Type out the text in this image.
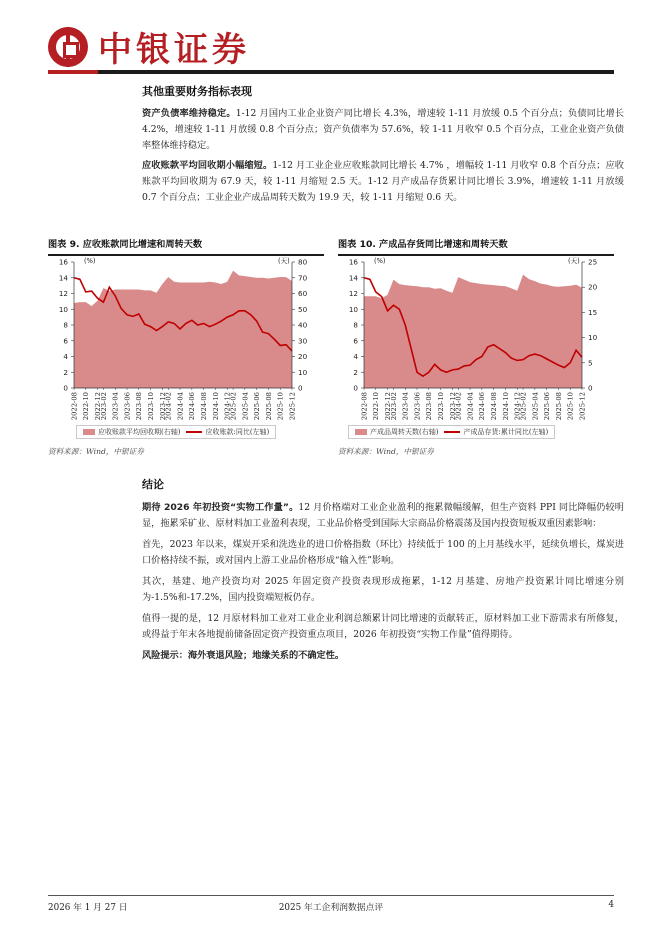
中银证券
其他重要财务指标表现

资产负债率维持稳定。1-12 月国内工业企业资产同比增长 4.3%，增速较 1-11 月放缓 0.5 个百分点；负债同比增长 4.2%，增速较 1-11 月放缓 0.8 个百分点；资产负债率为 57.6%，较 1-11 月收窄 0.5 个百分点，工业企业资产负债率整体维持稳定。

应收账款平均回收期小幅缩短。1-12 月工业企业应收账款同比增长 4.7% ，增幅较 1-11 月收窄 0.8 个百分点；应收账款平均回收期为 67.9 天，较 1-11 月缩短 2.5 天。1-12 月产成品存货累计同比增长 3.9%，增速较 1-11 月放缓 0.7 个百分点；工业企业产成品周转天数为 19.9 天，较 1-11 月缩短 0.6 天。

图表 9. 应收账款同比增速和周转天数
0
2
4
6
8
10
12
14
16
0
10
20
30
40
50
60
70
80
(%)	(天)
2022-08 2022-10 2022-12
2023-02 2023-04 2023-06 2023-08 2023-10 2023-12
2024-02 2024-04 2024-06 2024-08 2024-10 2024-12
2025-02 2025-04 2025-06 2025-08 2025-10 2025-12
应收账款平均回收期(右轴)	应收账款:同比(左轴)
资料来源：Wind，中银证券
图表 10. 产成品存货同比增速和周转天数
0
2
4
6
8
10
12
14
16
0
5
10
15
20
25
(%)	(天)
2022-08 2022-10 2022-12
2023-02 2023-04 2023-06 2023-08 2023-10 2023-12
2024-02 2024-04 2024-06 2024-08 2024-10 2024-12
2025-02 2025-04 2025-06 2025-08 2025-10 2025-12
产成品周转天数(右轴)	产成品存货:累计同比(左轴)
资料来源：Wind，中银证券
结论

期待 2026 年初投资“实物工作量”。12 月价格端对工业企业盈利的拖累微幅缓解，但生产资料 PPI 同比降幅仍较明显，拖累采矿业、原材料加工业盈利表现，工业品价格受到国际大宗商品价格震荡及国内投资短板双重因素影响：

首先，2023 年以来，煤炭开采和洗选业的进口价格指数（环比）持续低于 100 的上月基线水平，延续负增长，煤炭进口价格持续不振，或对国内上游工业品价格形成“输入性”影响。

其次，基建、地产投资均对 2025 年固定资产投资表现形成拖累，1-12 月基建、房地产投资累计同比增速分别为-1.5%和-17.2%，国内投资端短板仍存。

值得一提的是，12 月原材料加工业对工业企业利润总额累计同比增速的贡献转正，原材料加工业下游需求有所修复，或得益于年末各地提前储备固定资产投资重点项目，2026 年初投资“实物工作量”值得期待。

风险提示：海外衰退风险；地缘关系的不确定性。

2026 年 1 月 27 日	2025 年工企利润数据点评	4
